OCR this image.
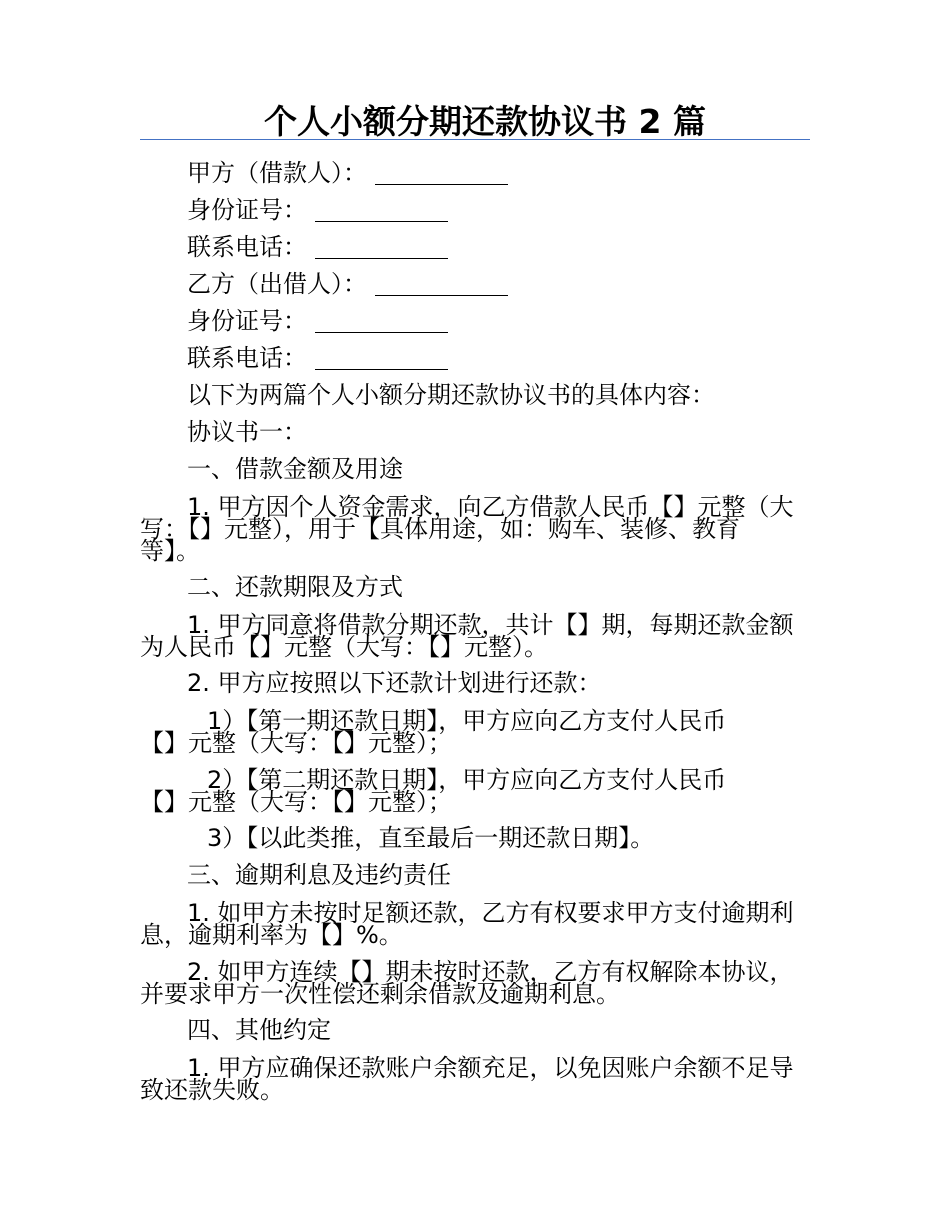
个人小额分期还款协议书 2 篇
甲方（借款人）：
身份证号：
联系电话：
乙方（出借人）：
身份证号：
联系电话：
以下为两篇个人小额分期还款协议书的具体内容：
协议书一：
一、借款金额及用途
1. 甲方因个人资金需求，向乙方借款人民币【】元整（大
写：【】元整），用于【具体用途，如：购车、装修、教育
等】。
二、还款期限及方式
1. 甲方同意将借款分期还款，共计【】期，每期还款金额
为人民币【】元整（大写：【】元整）。
2. 甲方应按照以下还款计划进行还款：
1）【第一期还款日期】，甲方应向乙方支付人民币
【】元整（大写：【】元整）；
2）【第二期还款日期】，甲方应向乙方支付人民币
【】元整（大写：【】元整）；
3）【以此类推，直至最后一期还款日期】。
三、逾期利息及违约责任
1. 如甲方未按时足额还款，乙方有权要求甲方支付逾期利
息，逾期利率为【】%。
2. 如甲方连续【】期未按时还款，乙方有权解除本协议，
并要求甲方一次性偿还剩余借款及逾期利息。
四、其他约定
1. 甲方应确保还款账户余额充足，以免因账户余额不足导
致还款失败。
